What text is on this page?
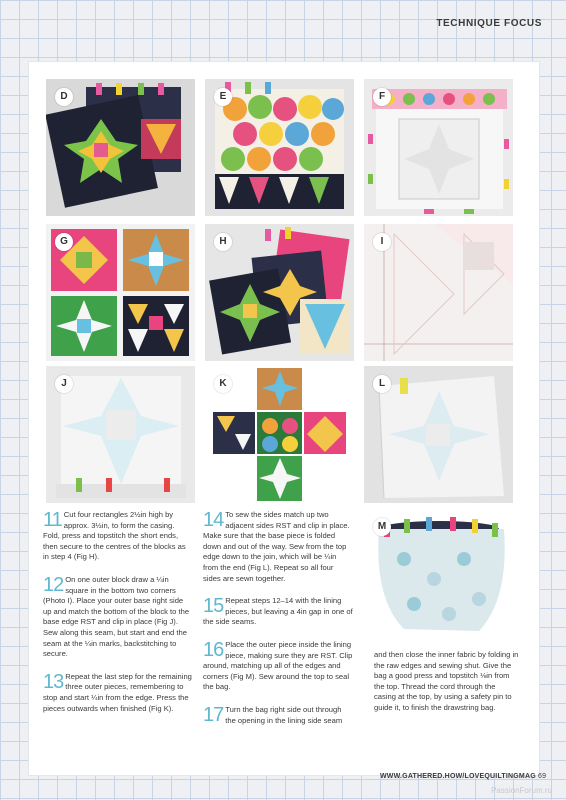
TECHNIQUE FOCUS
D	E	F
G	H	I
J	K	L
M
11 Cut four rectangles 2½in high by approx. 3½in, to form the casing. Fold, press and topstitch the short ends, then secure to the centres of the blocks as in step 4 (Fig H).
12 On one outer block draw a ¼in square in the bottom two corners (Photo I). Place your outer base right side up and match the bottom of the block to the base edge RST and clip in place (Fig J). Sew along this seam, but start and end the seam at the ¼in marks, backstitching to secure.
13 Repeat the last step for the remaining three outer pieces, remembering to stop and start ¼in from the edge. Press the pieces outwards when finished (Fig K).
14 To sew the sides match up two adjacent sides RST and clip in place. Make sure that the base piece is folded down and out of the way. Sew from the top edge down to the join, which will be ¼in from the end (Fig L). Repeat so all four sides are sewn together.
15 Repeat steps 12–14 with the lining pieces, but leaving a 4in gap in one of the side seams.
16 Place the outer piece inside the lining piece, making sure they are RST. Clip around, matching up all of the edges and corners (Fig M). Sew around the top to seal the bag.
17 Turn the bag right side out through the opening in the lining side seam
and then close the inner fabric by folding in the raw edges and sewing shut. Give the bag a good press and topstitch ⅛in from the top. Thread the cord through the casing at the top, by using a safety pin to guide it, to finish the drawstring bag.
WWW.GATHERED.HOW/LOVEQUILTINGMAG 69
PassionForum.ru
